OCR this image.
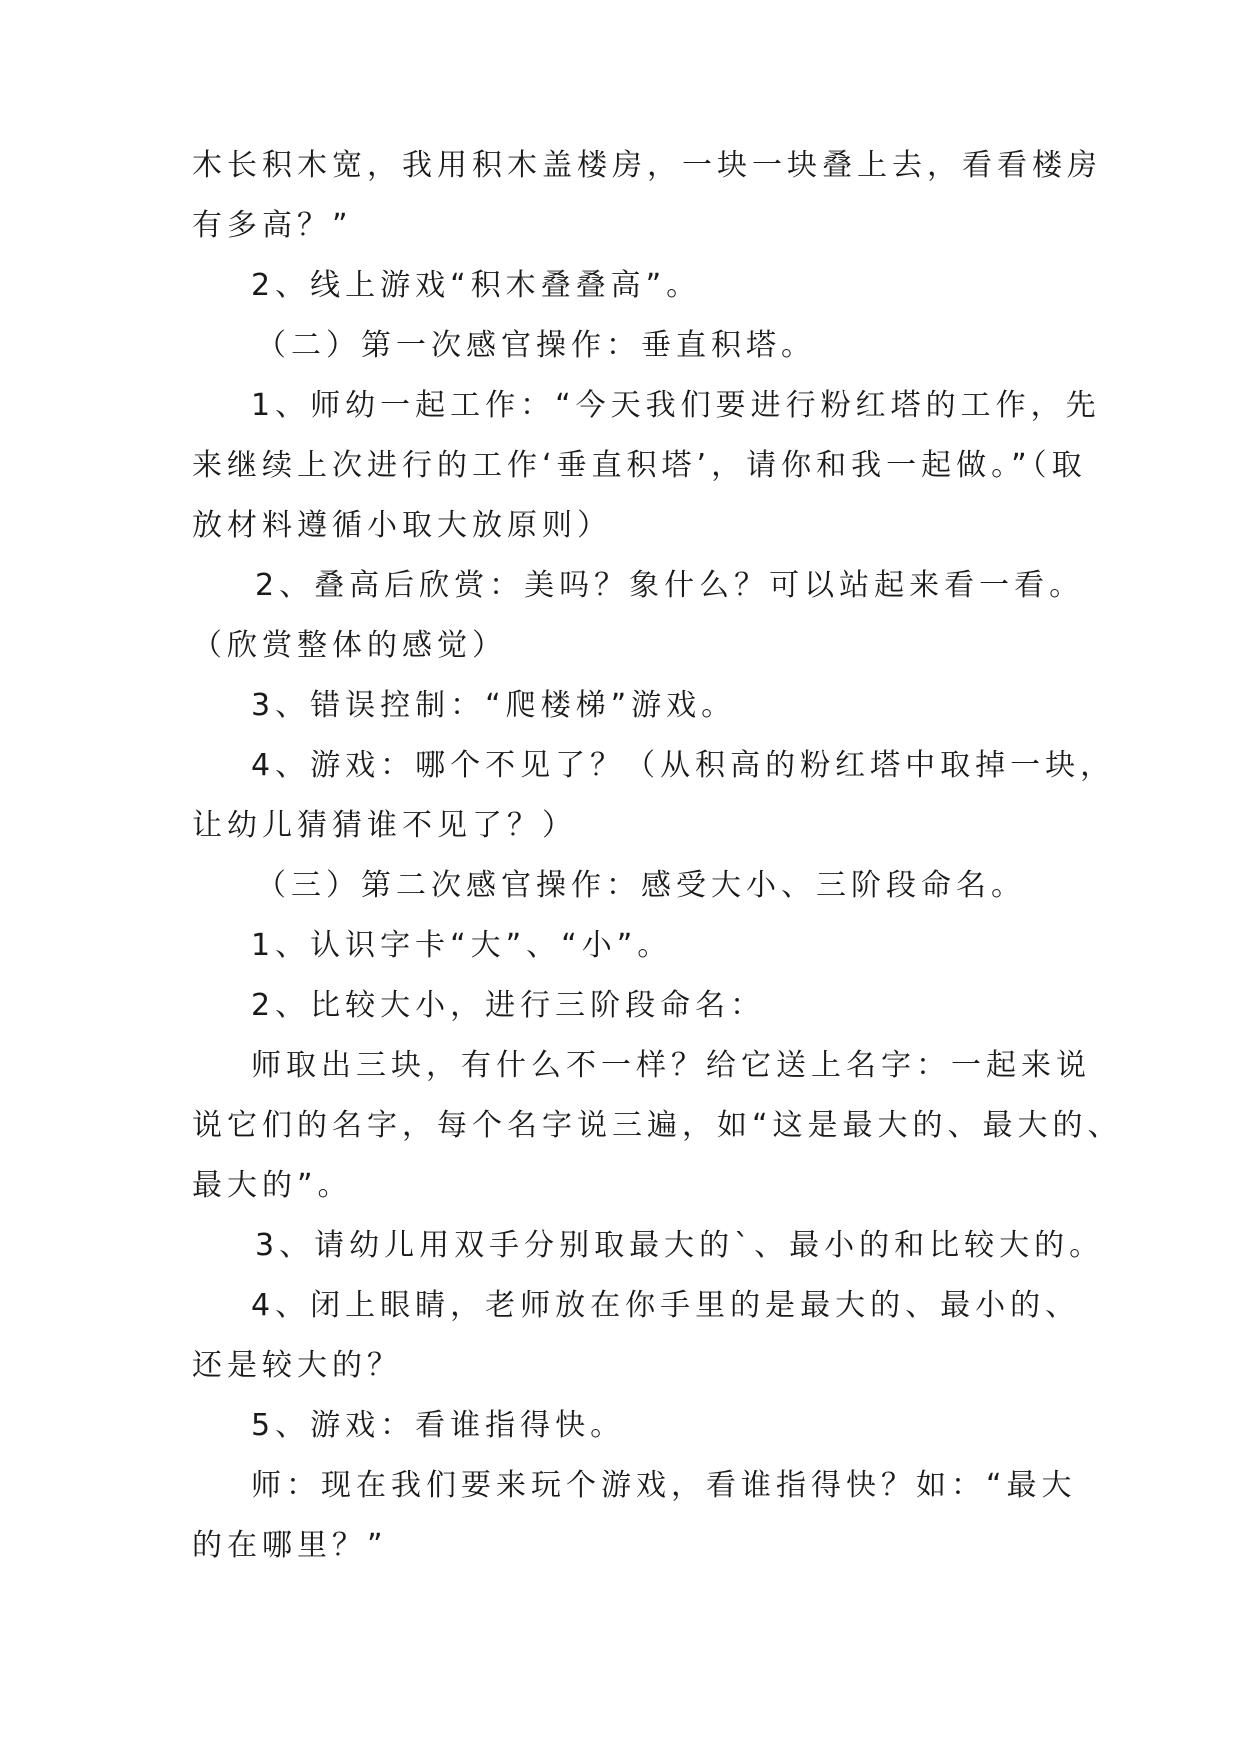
木长积木宽，我用积木盖楼房，一块一块叠上去，看看楼房
有多高？”
2、线上游戏“积木叠叠高”。
（二）第一次感官操作：垂直积塔。
1、师幼一起工作：“今天我们要进行粉红塔的工作，先
来继续上次进行的工作‘垂直积塔’，请你和我一起做。”（取
放材料遵循小取大放原则）
2、叠高后欣赏：美吗？象什么？可以站起来看一看。
（欣赏整体的感觉）
3、错误控制：“爬楼梯”游戏。
4、游戏：哪个不见了？（从积高的粉红塔中取掉一块，
让幼儿猜猜谁不见了？）
（三）第二次感官操作：感受大小、三阶段命名。
1、认识字卡“大”、“小”。
2、比较大小，进行三阶段命名：
师取出三块，有什么不一样？给它送上名字：一起来说
说它们的名字，每个名字说三遍，如“这是最大的、最大的、
最大的”。
3、请幼儿用双手分别取最大的`、最小的和比较大的。
4、闭上眼睛，老师放在你手里的是最大的、最小的、
还是较大的？
5、游戏：看谁指得快。
师：现在我们要来玩个游戏，看谁指得快？如：“最大
的在哪里？”
